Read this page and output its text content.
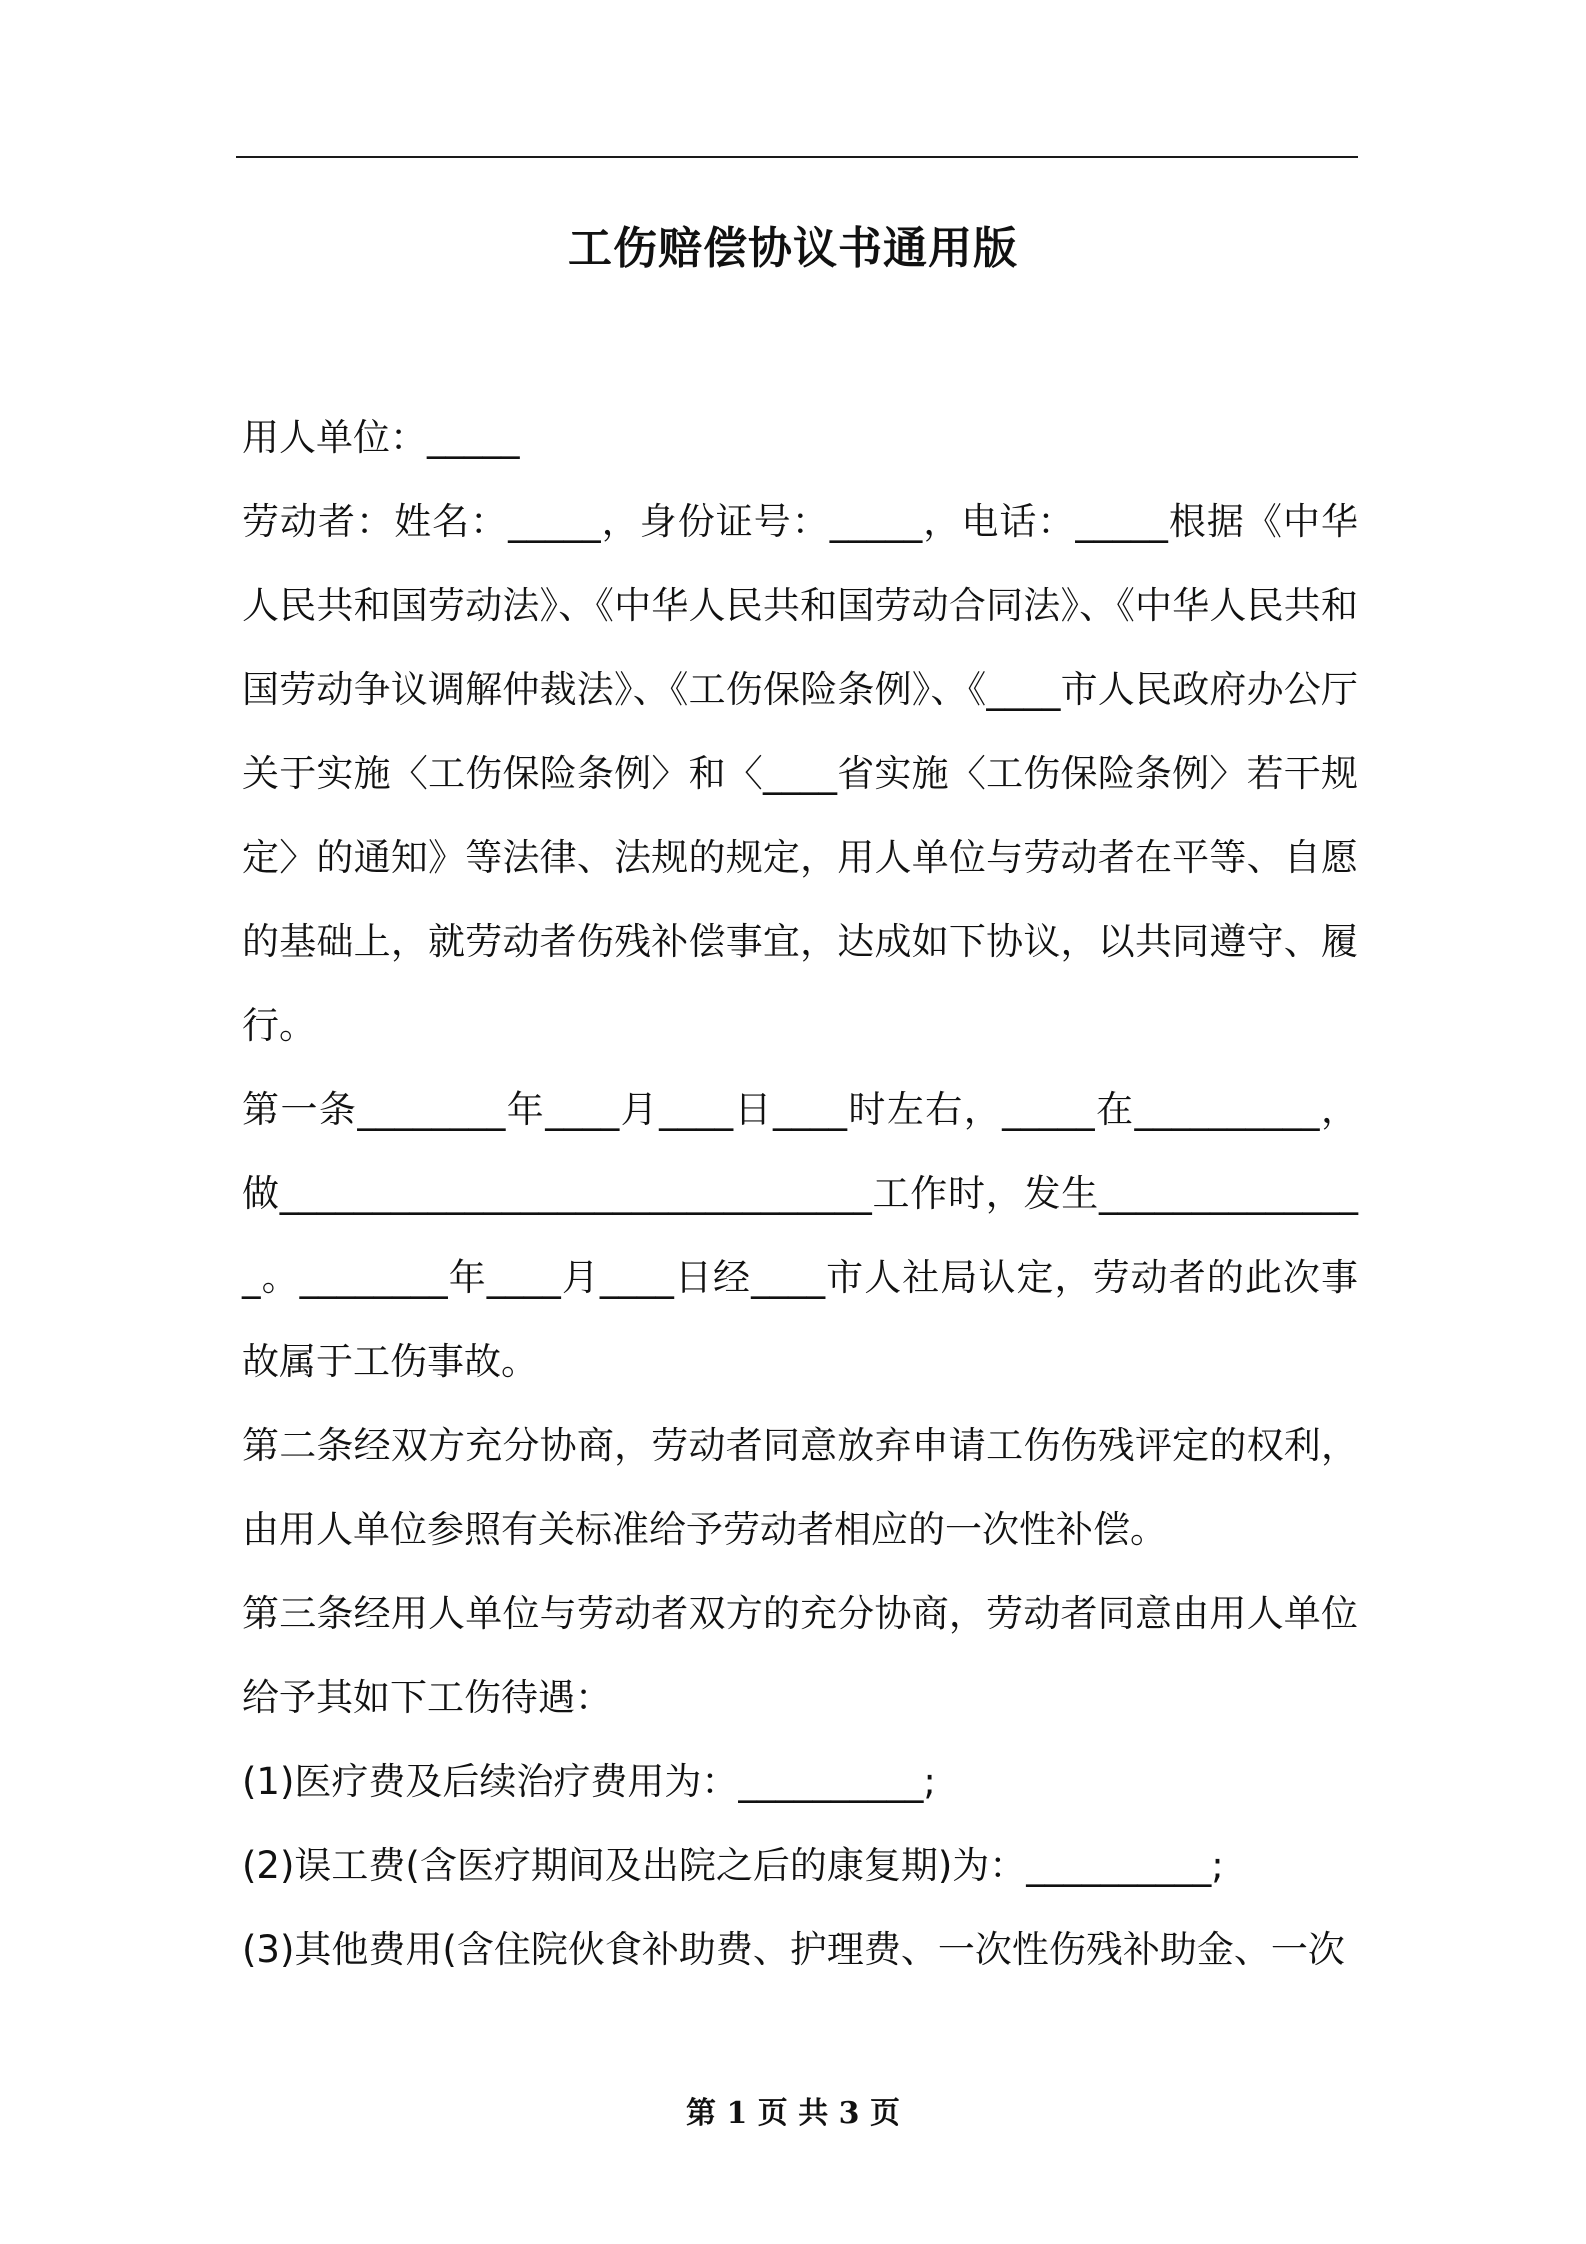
工伤赔偿协议书通用版

用人单位：_____

劳动者：姓名：_____，身份证号：_____，电话：_____根据《中华人民共和国劳动法》、《中华人民共和国劳动合同法》、《中华人民共和国劳动争议调解仲裁法》、《工伤保险条例》、《____市人民政府办公厅关于实施〈工伤保险条例〉和〈____省实施〈工伤保险条例〉若干规定〉的通知》等法律、法规的规定，用人单位与劳动者在平等、自愿的基础上，就劳动者伤残补偿事宜，达成如下协议，以共同遵守、履行。

第一条________年____月____日____时左右，_____在__________，做________________________________工作时，发生_______________。________年____月____日经____市人社局认定，劳动者的此次事故属于工伤事故。

第二条经双方充分协商，劳动者同意放弃申请工伤伤残评定的权利，由用人单位参照有关标准给予劳动者相应的一次性补偿。

第三条经用人单位与劳动者双方的充分协商，劳动者同意由用人单位给予其如下工伤待遇：

(1)医疗费及后续治疗费用为：__________;

(2)误工费(含医疗期间及出院之后的康复期)为：__________;

(3)其他费用(含住院伙食补助费、护理费、一次性伤残补助金、一次

第 1 页 共 3 页
